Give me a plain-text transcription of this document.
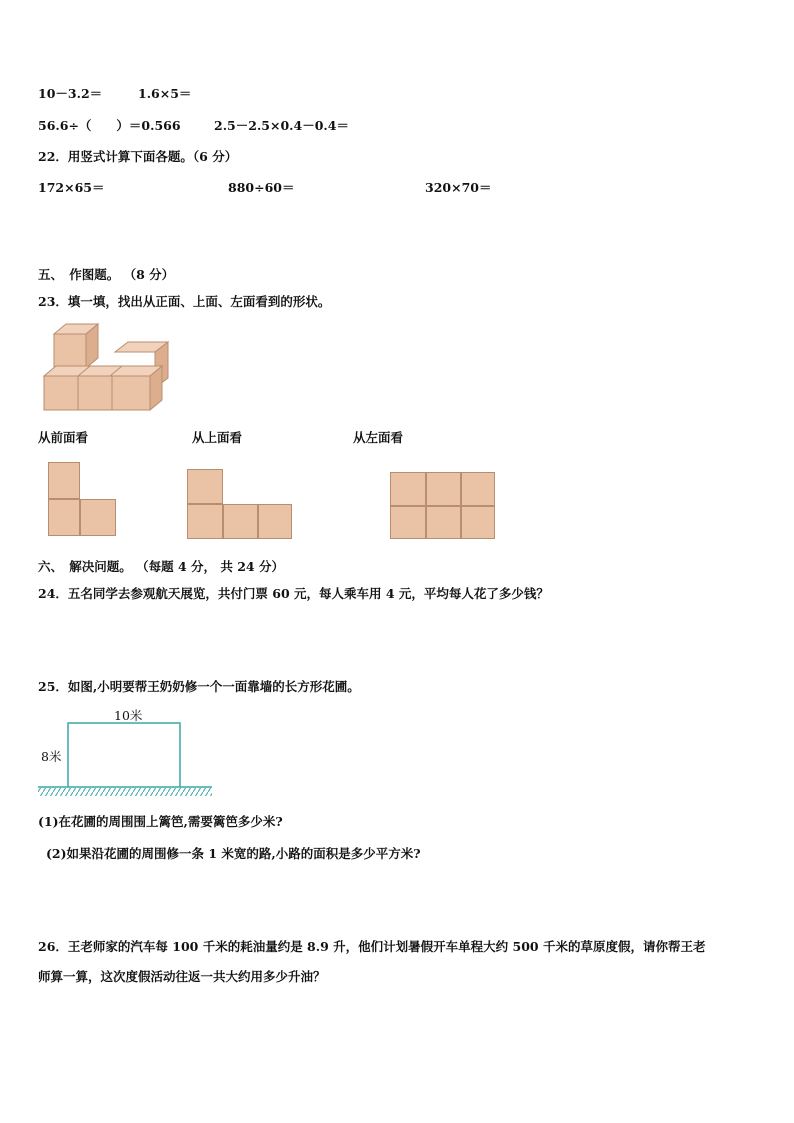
10－3.2＝	1.6×5＝
56.6÷（　　）＝0.566	2.5－2.5×0.4－0.4＝
22．用竖式计算下面各题。（6 分）
172×65＝	880÷60＝	320×70＝
五、　作图题。 （8 分）
23．填一填，找出从正面、上面、左面看到的形状。
从前面看	从上面看	从左面看
六、　解决问题。 （每题 4 分， 共 24 分）
24．五名同学去参观航天展览，共付门票 60 元，每人乘车用 4 元，平均每人花了多少钱？
25．如图,小明要帮王奶奶修一个一面靠墙的长方形花圃。
10米
8米
(1)在花圃的周围围上篱笆,需要篱笆多少米?
(2)如果沿花圃的周围修一条 1 米宽的路,小路的面积是多少平方米?
26．王老师家的汽车每 100 千米的耗油量约是 8.9 升，他们计划暑假开车单程大约 500 千米的草原度假，请你帮王老
师算一算，这次度假活动往返一共大约用多少升油？
